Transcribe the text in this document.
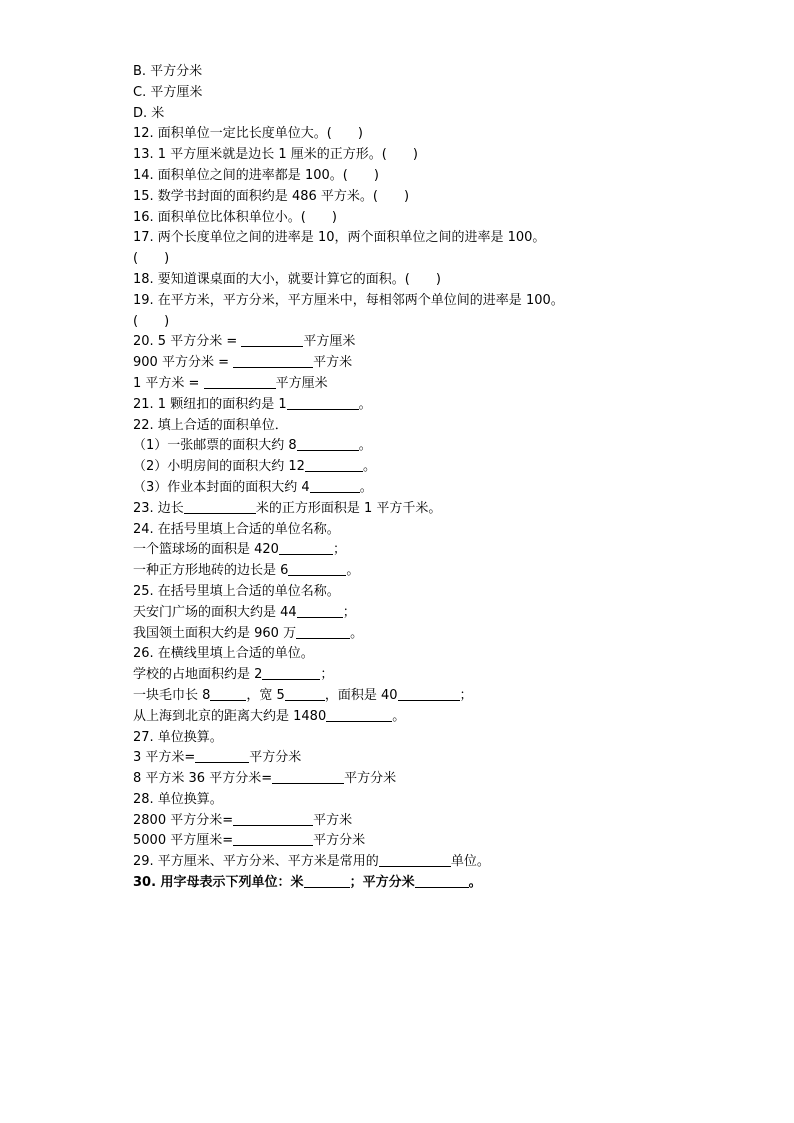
B. 平方分米
C. 平方厘米
D. 米
12. 面积单位一定比长度单位大。(　　)
13. 1 平方厘米就是边长 1 厘米的正方形。(　　)
14. 面积单位之间的进率都是 100。(　　)
15. 数学书封面的面积约是 486 平方米。(　　)
16. 面积单位比体积单位小。(　　)
17. 两个长度单位之间的进率是 10，两个面积单位之间的进率是 100。
(　　)
18. 要知道课桌面的大小，就要计算它的面积。(　　)
19. 在平方米，平方分米，平方厘米中，每相邻两个单位间的进率是 100。
(　　)
20. 5 平方分米 =	平方厘米
900 平方分米 =	平方米
1 平方米 =	平方厘米
21. 1 颗纽扣的面积约是 1	。
22. 填上合适的面积单位．
（1）一张邮票的面积大约 8	。
（2）小明房间的面积大约 12	。
（3）作业本封面的面积大约 4	。
23. 边长	米的正方形面积是 1 平方千米。
24. 在括号里填上合适的单位名称。
一个篮球场的面积是 420	；
一种正方形地砖的边长是 6	。
25. 在括号里填上合适的单位名称。
天安门广场的面积大约是 44	；
我国领土面积大约是 960 万	。
26. 在横线里填上合适的单位。
学校的占地面积约是 2	；
一块毛巾长 8	，宽 5	，面积是 40	；
从上海到北京的距离大约是 1480	。
27. 单位换算。
3 平方米=	平方分米
8 平方米 36 平方分米=	平方分米
28. 单位换算。
2800 平方分米=	平方米
5000 平方厘米=	平方分米
29. 平方厘米、平方分米、平方米是常用的	单位。
30. 用字母表示下列单位：米	；平方分米	。
